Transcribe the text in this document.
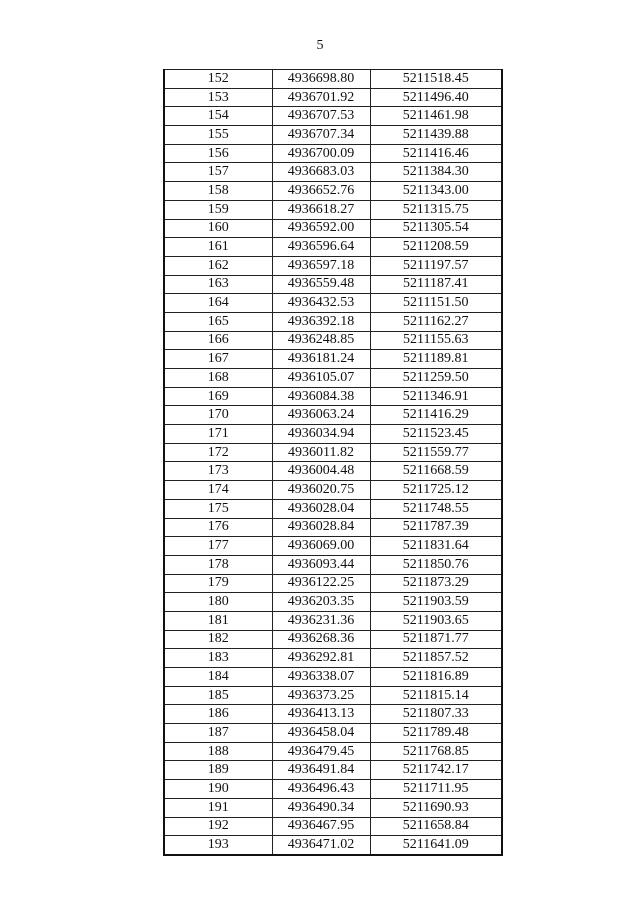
5
152	4936698.80	5211518.45
153	4936701.92	5211496.40
154	4936707.53	5211461.98
155	4936707.34	5211439.88
156	4936700.09	5211416.46
157	4936683.03	5211384.30
158	4936652.76	5211343.00
159	4936618.27	5211315.75
160	4936592.00	5211305.54
161	4936596.64	5211208.59
162	4936597.18	5211197.57
163	4936559.48	5211187.41
164	4936432.53	5211151.50
165	4936392.18	5211162.27
166	4936248.85	5211155.63
167	4936181.24	5211189.81
168	4936105.07	5211259.50
169	4936084.38	5211346.91
170	4936063.24	5211416.29
171	4936034.94	5211523.45
172	4936011.82	5211559.77
173	4936004.48	5211668.59
174	4936020.75	5211725.12
175	4936028.04	5211748.55
176	4936028.84	5211787.39
177	4936069.00	5211831.64
178	4936093.44	5211850.76
179	4936122.25	5211873.29
180	4936203.35	5211903.59
181	4936231.36	5211903.65
182	4936268.36	5211871.77
183	4936292.81	5211857.52
184	4936338.07	5211816.89
185	4936373.25	5211815.14
186	4936413.13	5211807.33
187	4936458.04	5211789.48
188	4936479.45	5211768.85
189	4936491.84	5211742.17
190	4936496.43	5211711.95
191	4936490.34	5211690.93
192	4936467.95	5211658.84
193	4936471.02	5211641.09
